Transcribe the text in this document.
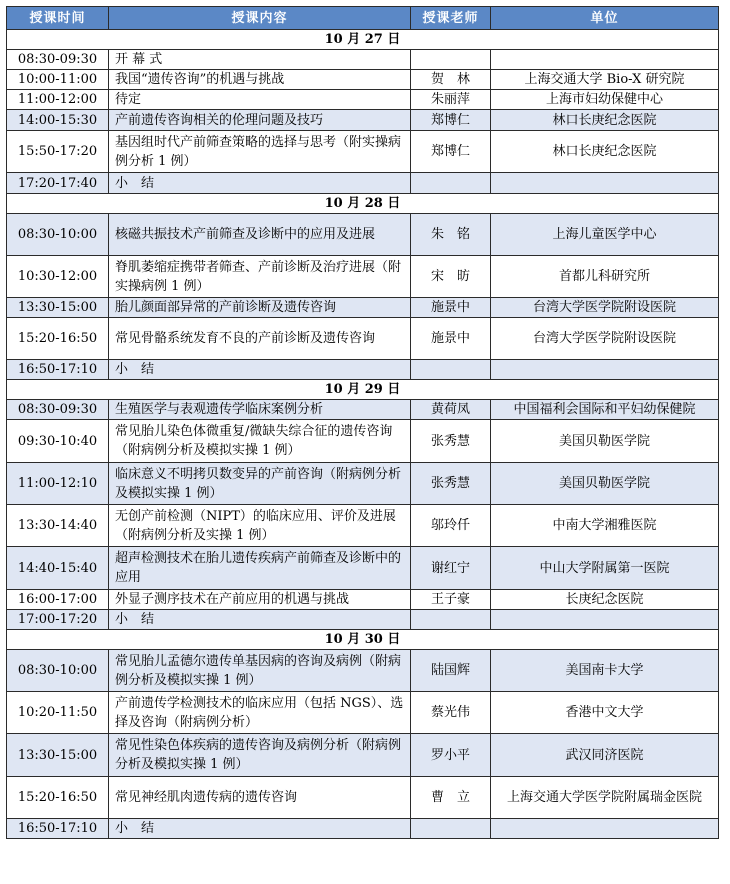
授课时间	授课内容	授课老师	单位
10 月 27 日			
08:30-09:30	开 幕 式		
10:00-11:00	我国“遗传咨询”的机遇与挑战	贺　林	上海交通大学 Bio-X 研究院
11:00-12:00	待定	朱丽萍	上海市妇幼保健中心
14:00-15:30	产前遗传咨询相关的伦理问题及技巧	郑博仁	林口长庚纪念医院
15:50-17:20	基因组时代产前筛查策略的选择与思考（附实操病例分析 1 例）	郑博仁	林口长庚纪念医院
17:20-17:40	小　结		
10 月 28 日			
08:30-10:00	核磁共振技术产前筛查及诊断中的应用及进展	朱　铭	上海儿童医学中心
10:30-12:00	脊肌萎缩症携带者筛查、产前诊断及治疗进展（附实操病例 1 例）	宋　昉	首都儿科研究所
13:30-15:00	胎儿颜面部异常的产前诊断及遗传咨询	施景中	台湾大学医学院附设医院
15:20-16:50	常见骨骼系统发育不良的产前诊断及遗传咨询	施景中	台湾大学医学院附设医院
16:50-17:10	小　结		
10 月 29 日			
08:30-09:30	生殖医学与表观遗传学临床案例分析	黄荷凤	中国福利会国际和平妇幼保健院
09:30-10:40	常见胎儿染色体微重复/微缺失综合征的遗传咨询（附病例分析及模拟实操 1 例）	张秀慧	美国贝勒医学院
11:00-12:10	临床意义不明拷贝数变异的产前咨询（附病例分析及模拟实操 1 例）	张秀慧	美国贝勒医学院
13:30-14:40	无创产前检测（NIPT）的临床应用、评价及进展（附病例分析及实操 1 例）	邬玲仟	中南大学湘雅医院
14:40-15:40	超声检测技术在胎儿遗传疾病产前筛查及诊断中的应用	谢红宁	中山大学附属第一医院
16:00-17:00	外显子测序技术在产前应用的机遇与挑战	王子豪	长庚纪念医院
17:00-17:20	小　结		
10 月 30 日			
08:30-10:00	常见胎儿孟德尔遗传单基因病的咨询及病例（附病例分析及模拟实操 1 例）	陆国辉	美国南卡大学
10:20-11:50	产前遗传学检测技术的临床应用（包括 NGS）、选择及咨询（附病例分析）	蔡光伟	香港中文大学
13:30-15:00	常见性染色体疾病的遗传咨询及病例分析（附病例分析及模拟实操 1 例）	罗小平	武汉同济医院
15:20-16:50	常见神经肌肉遗传病的遗传咨询	曹　立	上海交通大学医学院附属瑞金医院
16:50-17:10	小　结		
